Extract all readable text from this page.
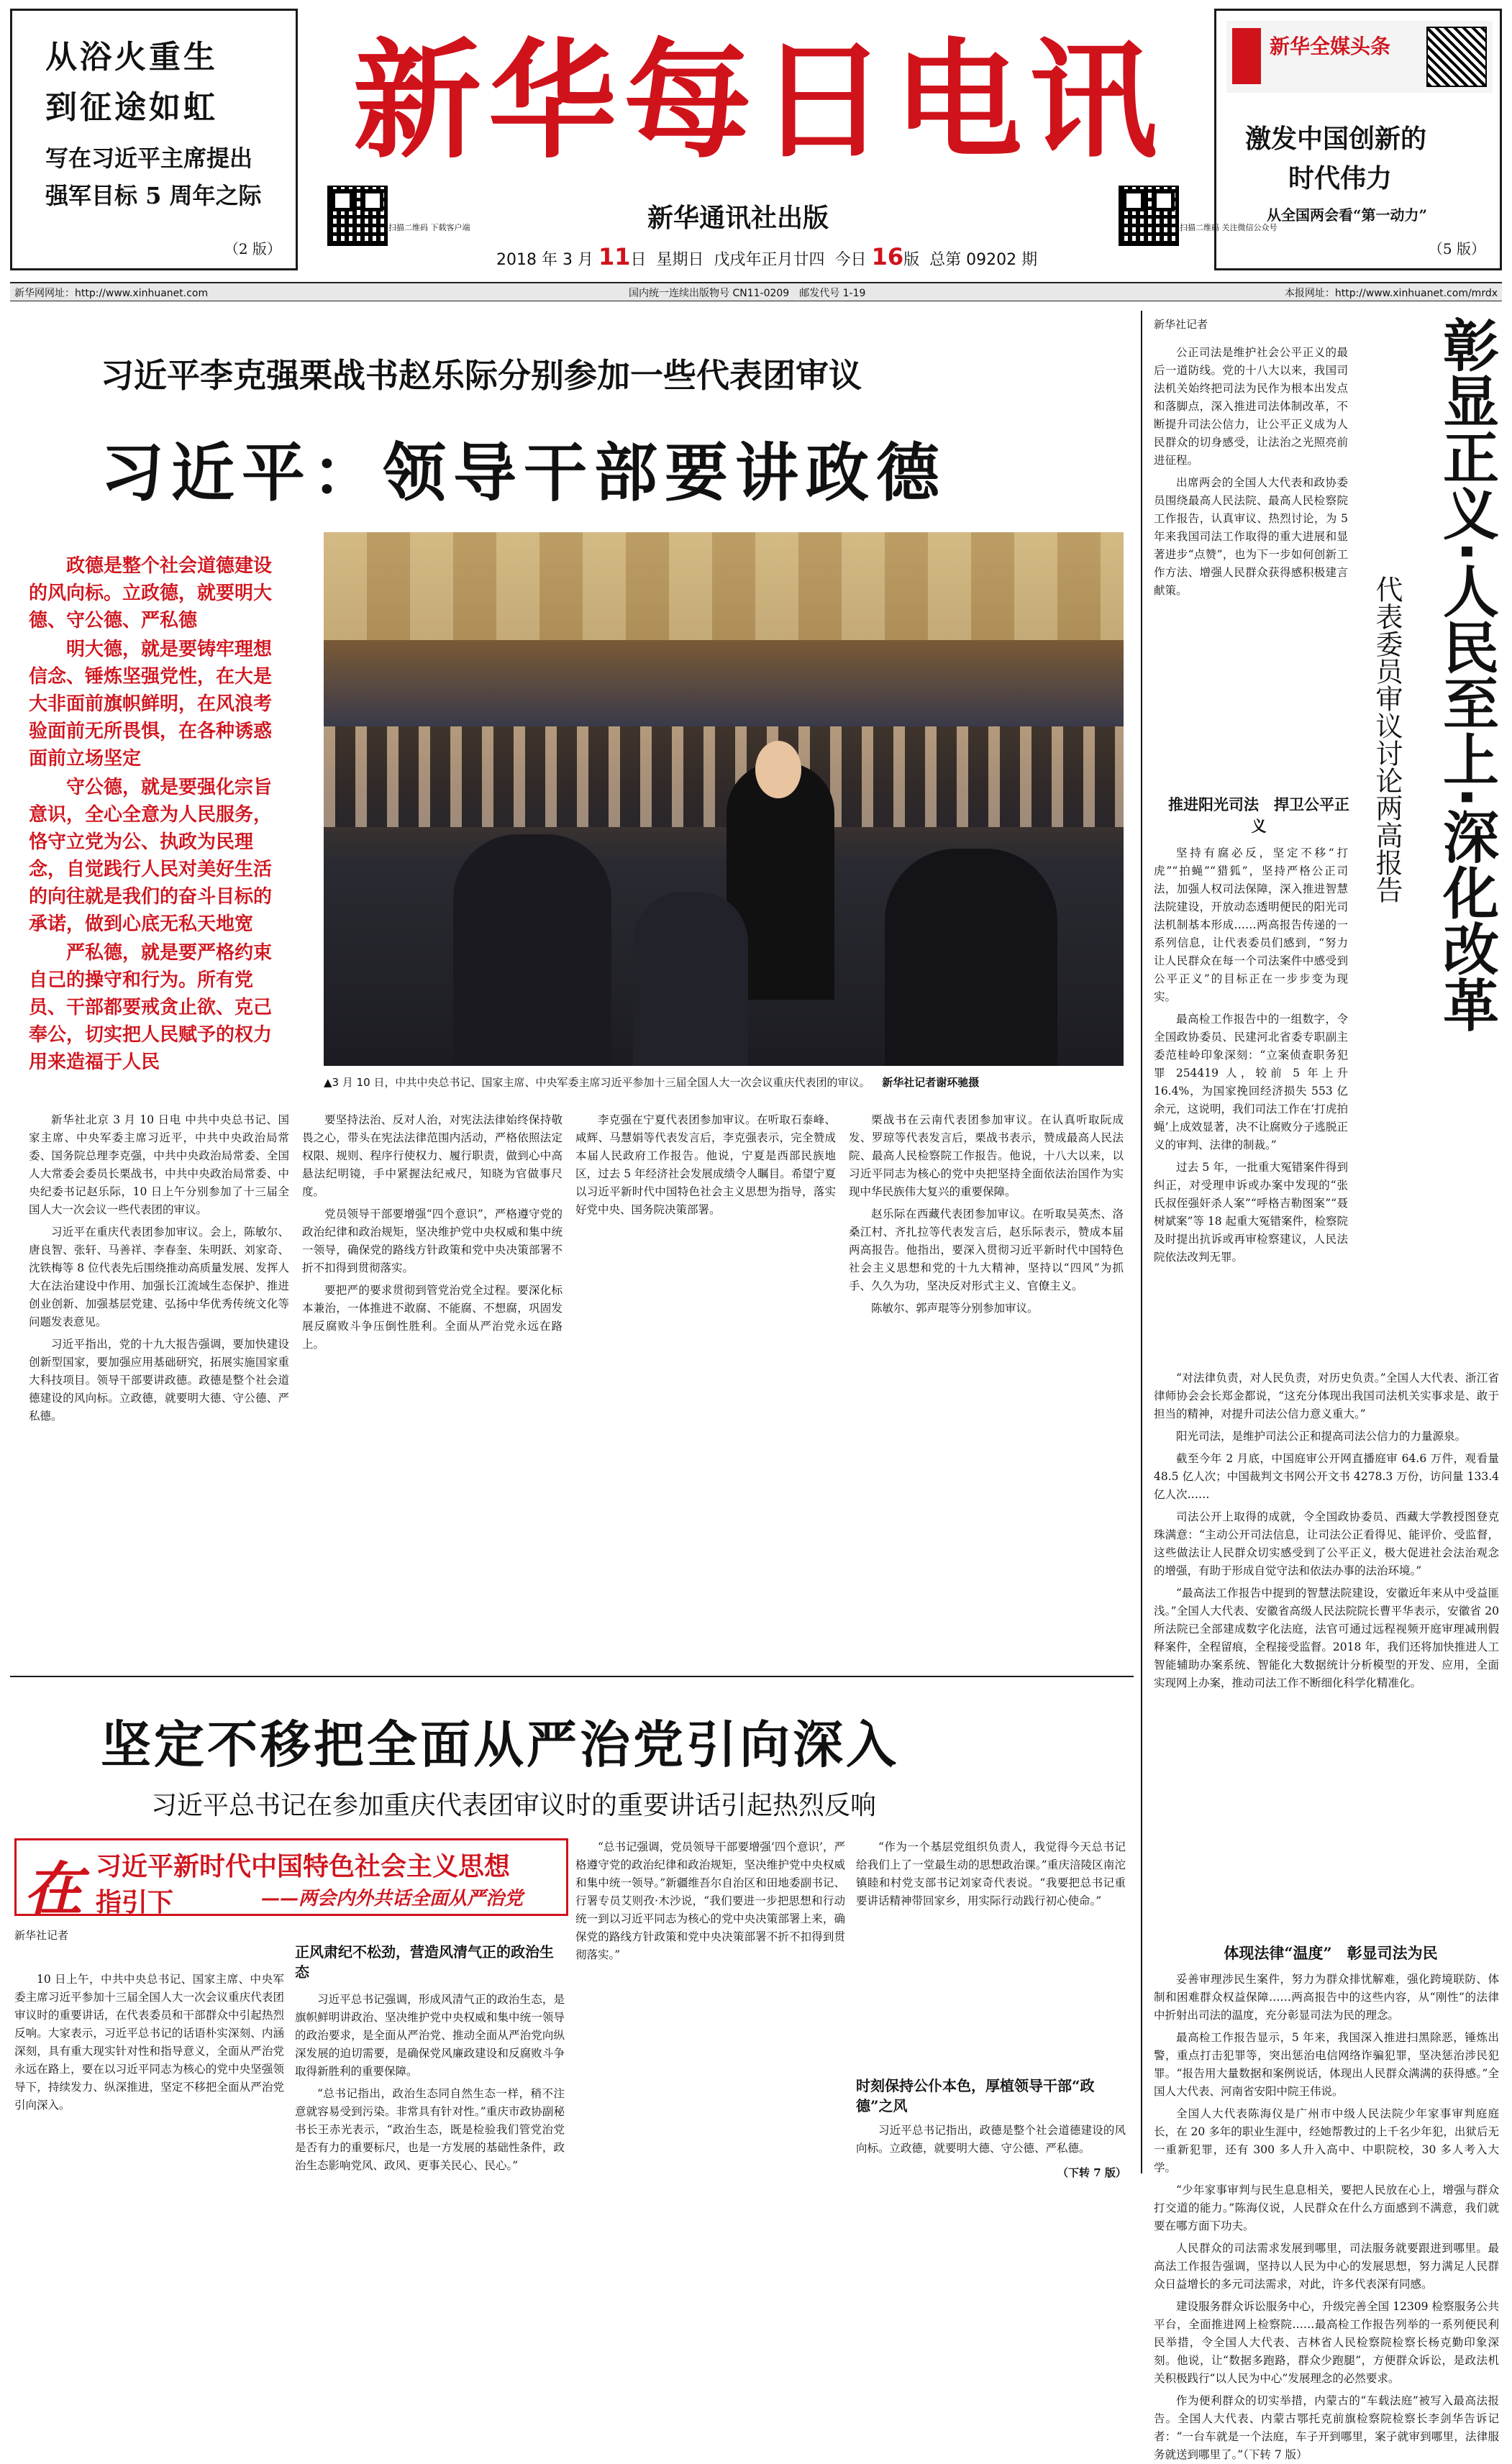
从浴火重生
到征途如虹
写在习近平主席提出
强军目标 5 周年之际
（2 版）
新华每日电讯
扫描二维码 下载客户端	新华通讯社出版
2018 年 3 月 11日 星期日 戊戌年正月廿四 今日 16版 总第 09202 期
扫描二维码 关注微信公众号
新华全媒头条
激发中国创新的
时代伟力
从全国两会看“第一动力”
（5 版）
新华网网址：http://www.xinhuanet.com	国内统一连续出版物号 CN11-0209　邮发代号 1-19	本报网址：http://www.xinhuanet.com/mrdx
习近平李克强栗战书赵乐际分别参加一些代表团审议
习近平：领导干部要讲政德

政德是整个社会道德建设的风向标。立政德，就要明大德、守公德、严私德

明大德，就是要铸牢理想信念、锤炼坚强党性，在大是大非面前旗帜鲜明，在风浪考验面前无所畏惧，在各种诱惑面前立场坚定

守公德，就是要强化宗旨意识，全心全意为人民服务，恪守立党为公、执政为民理念，自觉践行人民对美好生活的向往就是我们的奋斗目标的承诺，做到心底无私天地宽

严私德，就是要严格约束自己的操守和行为。所有党员、干部都要戒贪止欲、克己奉公，切实把人民赋予的权力用来造福于人民

▲3 月 10 日，中共中央总书记、国家主席、中央军委主席习近平参加十三届全国人大一次会议重庆代表团的审议。 新华社记者谢环驰摄

新华社北京 3 月 10 日电 中共中央总书记、国家主席、中央军委主席习近平，中共中央政治局常委、国务院总理李克强，中共中央政治局常委、全国人大常委会委员长栗战书，中共中央政治局常委、中央纪委书记赵乐际，10 日上午分别参加了十三届全国人大一次会议一些代表团的审议。

习近平在重庆代表团参加审议。会上，陈敏尔、唐良智、张轩、马善祥、李春奎、朱明跃、刘家奇、沈铁梅等 8 位代表先后围绕推动高质量发展、发挥人大在法治建设中作用、加强长江流域生态保护、推进创业创新、加强基层党建、弘扬中华优秀传统文化等问题发表意见。

习近平指出，党的十九大报告强调，要加快建设创新型国家，要加强应用基础研究，拓展实施国家重大科技项目。领导干部要讲政德。政德是整个社会道德建设的风向标。立政德，就要明大德、守公德、严私德。

要坚持法治、反对人治，对宪法法律始终保持敬畏之心，带头在宪法法律范围内活动，严格依照法定权限、规则、程序行使权力、履行职责，做到心中高悬法纪明镜，手中紧握法纪戒尺，知晓为官做事尺度。

党员领导干部要增强“四个意识”，严格遵守党的政治纪律和政治规矩，坚决维护党中央权威和集中统一领导，确保党的路线方针政策和党中央决策部署不折不扣得到贯彻落实。

要把严的要求贯彻到管党治党全过程。要深化标本兼治，一体推进不敢腐、不能腐、不想腐，巩固发展反腐败斗争压倒性胜利。全面从严治党永远在路上。

李克强在宁夏代表团参加审议。在听取石泰峰、咸辉、马慧娟等代表发言后，李克强表示，完全赞成本届人民政府工作报告。他说，宁夏是西部民族地区，过去 5 年经济社会发展成绩令人瞩目。希望宁夏以习近平新时代中国特色社会主义思想为指导，落实好党中央、国务院决策部署。

栗战书在云南代表团参加审议。在认真听取阮成发、罗琼等代表发言后，栗战书表示，赞成最高人民法院、最高人民检察院工作报告。他说，十八大以来，以习近平同志为核心的党中央把坚持全面依法治国作为实现中华民族伟大复兴的重要保障。

赵乐际在西藏代表团参加审议。在听取吴英杰、洛桑江村、齐扎拉等代表发言后，赵乐际表示，赞成本届两高报告。他指出，要深入贯彻习近平新时代中国特色社会主义思想和党的十九大精神，坚持以“四风”为抓手、久久为功，坚决反对形式主义、官僚主义。

陈敏尔、郭声琨等分别参加审议。

新华社记者

公正司法是维护社会公平正义的最后一道防线。党的十八大以来，我国司法机关始终把司法为民作为根本出发点和落脚点，深入推进司法体制改革，不断提升司法公信力，让公平正义成为人民群众的切身感受，让法治之光照亮前进征程。

出席两会的全国人大代表和政协委员围绕最高人民法院、最高人民检察院工作报告，认真审议、热烈讨论，为 5 年来我国司法工作取得的重大进展和显著进步“点赞”，也为下一步如何创新工作方法、增强人民群众获得感积极建言献策。	彰显正义·人民至上·深化改革
代表委员审议讨论两高报告
推进阳光司法　捍卫公平正义

坚持有腐必反，坚定不移“打虎”“拍蝇”“猎狐”，坚持严格公正司法，加强人权司法保障，深入推进智慧法院建设，开放动态透明便民的阳光司法机制基本形成……两高报告传递的一系列信息，让代表委员们感到，“努力让人民群众在每一个司法案件中感受到公平正义”的目标正在一步步变为现实。

最高检工作报告中的一组数字，令全国政协委员、民建河北省委专职副主委范桂岭印象深刻：“立案侦查职务犯罪 254419 人，较前 5 年上升 16.4%，为国家挽回经济损失 553 亿余元，这说明，我们司法工作在‘打虎拍蝇’上成效显著，决不让腐败分子逃脱正义的审判、法律的制裁。”

过去 5 年，一批重大冤错案件得到纠正，对受理申诉或办案中发现的“张氏叔侄强奸杀人案”“呼格吉勒图案”“聂树斌案”等 18 起重大冤错案件，检察院及时提出抗诉或再审检察建议，人民法院依法改判无罪。

“对法律负责，对人民负责，对历史负责。”全国人大代表、浙江省律师协会会长郑金都说，“这充分体现出我国司法机关实事求是、敢于担当的精神，对提升司法公信力意义重大。”

阳光司法，是维护司法公正和提高司法公信力的力量源泉。

截至今年 2 月底，中国庭审公开网直播庭审 64.6 万件，观看量 48.5 亿人次；中国裁判文书网公开文书 4278.3 万份，访问量 133.4 亿人次……

司法公开上取得的成就，令全国政协委员、西藏大学教授图登克珠满意：“主动公开司法信息，让司法公正看得见、能评价、受监督，这些做法让人民群众切实感受到了公平正义，极大促进社会法治观念的增强，有助于形成自觉守法和依法办事的法治环境。”

“最高法工作报告中提到的智慧法院建设，安徽近年来从中受益匪浅。”全国人大代表、安徽省高级人民法院院长曹平华表示，安徽省 20 所法院已全部建成数字化法庭，法官可通过远程视频开庭审理减刑假释案件，全程留痕，全程接受监督。2018 年，我们还将加快推进人工智能辅助办案系统、智能化大数据统计分析模型的开发、应用，全面实现网上办案，推动司法工作不断细化科学化精准化。

体现法律“温度”　彰显司法为民

妥善审理涉民生案件，努力为群众排忧解难，强化跨境联防、体制和困难群众权益保障……两高报告中的这些内容，从“刚性”的法律中折射出司法的温度，充分彰显司法为民的理念。

最高检工作报告显示，5 年来，我国深入推进扫黑除恶，锤炼出警，重点打击犯罪等，突出惩治电信网络诈骗犯罪，坚决惩治涉民犯罪。“报告用大量数据和案例说话，体现出人民群众满满的获得感。”全国人大代表、河南省安阳中院王伟说。

全国人大代表陈海仪是广州市中级人民法院少年家事审判庭庭长，在 20 多年的职业生涯中，经她帮教过的上千名少年犯，出狱后无一重新犯罪，还有 300 多人升入高中、中职院校，30 多人考入大学。

“少年家事审判与民生息息相关，要把人民放在心上，增强与群众打交道的能力。”陈海仪说，人民群众在什么方面感到不满意，我们就要在哪方面下功夫。

人民群众的司法需求发展到哪里，司法服务就要跟进到哪里。最高法工作报告强调，坚持以人民为中心的发展思想，努力满足人民群众日益增长的多元司法需求，对此，许多代表深有同感。

建设服务群众诉讼服务中心，升级完善全国 12309 检察服务公共平台，全面推进网上检察院……最高检工作报告列举的一系列便民利民举措，令全国人大代表、吉林省人民检察院检察长杨克勤印象深刻。他说，让“数据多跑路，群众少跑腿”，方便群众诉讼，是政法机关积极践行“以人民为中心”发展理念的必然要求。

作为便利群众的切实举措，内蒙古的“车载法庭”被写入最高法报告。全国人大代表、内蒙古鄂托克前旗检察院检察长李剑华告诉记者：“一台车就是一个法庭，车子开到哪里，案子就审到哪里，法律服务就送到哪里了。”（下转 7 版）

坚定不移把全面从严治党引向深入
习近平总书记在参加重庆代表团审议时的重要讲话引起热烈反响
在 习近平新时代中国特色社会主义思想
指引下	——两会内外共话全面从严治党
新华社记者

10 日上午，中共中央总书记、国家主席、中央军委主席习近平参加十三届全国人大一次会议重庆代表团审议时的重要讲话，在代表委员和干部群众中引起热烈反响。大家表示，习近平总书记的话语朴实深刻、内涵深刻，具有重大现实针对性和指导意义，全面从严治党永远在路上，要在以习近平同志为核心的党中央坚强领导下，持续发力、纵深推进，坚定不移把全面从严治党引向深入。

正风肃纪不松劲，营造风清气正的政治生态

习近平总书记强调，形成风清气正的政治生态，是旗帜鲜明讲政治、坚决维护党中央权威和集中统一领导的政治要求，是全面从严治党、推动全面从严治党向纵深发展的迫切需要，是确保党风廉政建设和反腐败斗争取得新胜利的重要保障。

“总书记指出，政治生态同自然生态一样，稍不注意就容易受到污染。非常具有针对性。”重庆市政协副秘书长王赤光表示，“政治生态，既是检验我们管党治党是否有力的重要标尺，也是一方发展的基础性条件，政治生态影响党风、政风、更事关民心、民心。”

“总书记强调，党员领导干部要增强‘四个意识’，严格遵守党的政治纪律和政治规矩，坚决维护党中央权威和集中统一领导。”新疆维吾尔自治区和田地委副书记、行署专员艾则孜·木沙说，“我们要进一步把思想和行动统一到以习近平同志为核心的党中央决策部署上来，确保党的路线方针政策和党中央决策部署不折不扣得到贯彻落实。”

“作为一个基层党组织负责人，我觉得今天总书记给我们上了一堂最生动的思想政治课。”重庆涪陵区南沱镇睦和村党支部书记刘家奇代表说。“我要把总书记重要讲话精神带回家乡，用实际行动践行初心使命。”

时刻保持公仆本色，厚植领导干部“政德”之风

习近平总书记指出，政德是整个社会道德建设的风向标。立政德，就要明大德、守公德、严私德。

（下转 7 版）
